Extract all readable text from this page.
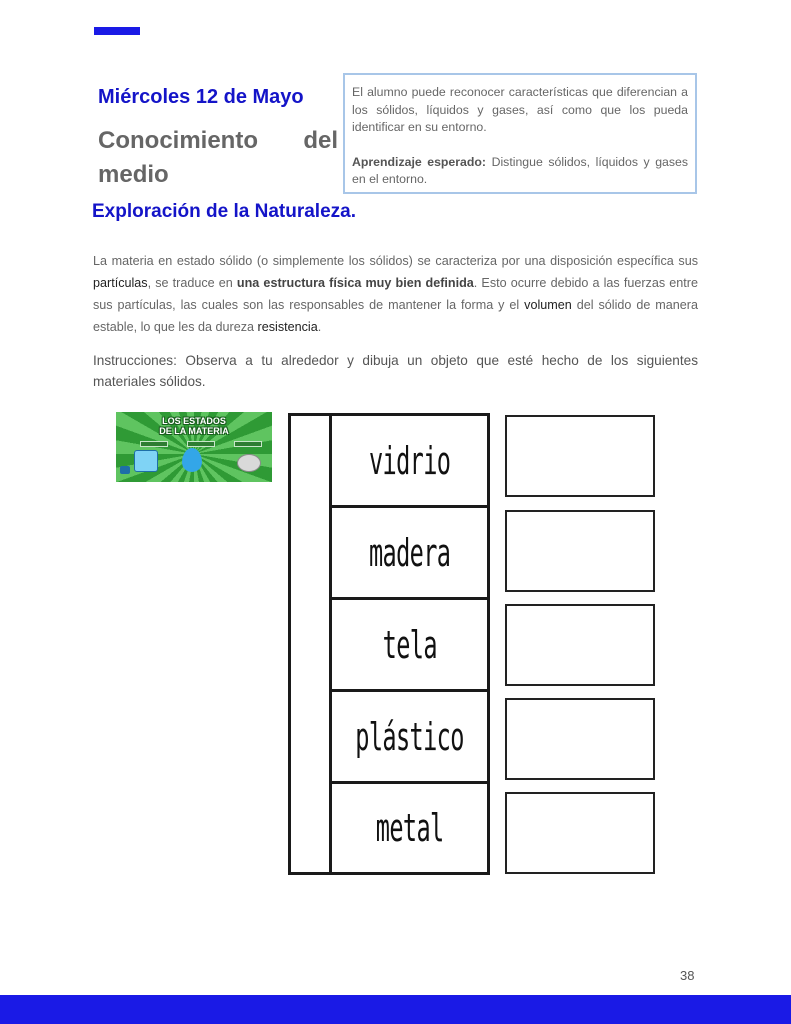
Miércoles 12 de Mayo
Conocimiento del medio

El alumno puede reconocer características que diferencian a los sólidos, líquidos y gases, así como que los pueda identificar en su entorno.

Aprendizaje esperado: Distingue sólidos, líquidos y gases en el entorno.

Exploración de la Naturaleza.
La materia en estado sólido (o simplemente los sólidos) se caracteriza por una disposición específica sus partículas, se traduce en una estructura física muy bien definida. Esto ocurre debido a las fuerzas entre sus partículas, las cuales son las responsables de mantener la forma y el volumen del sólido de manera estable, lo que les da dureza resistencia.
Instrucciones: Observa a tu alrededor y dibuja un objeto que esté hecho de los siguientes materiales sólidos.
LOS ESTADOS
DE LA MATERIA
vidrio
madera
tela
plástico
metal
38
